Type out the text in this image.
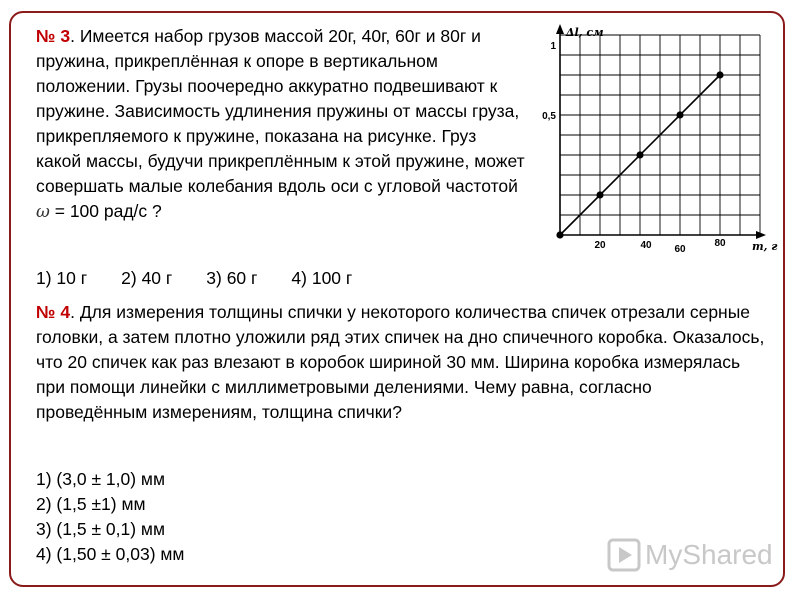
№ 3. Имеется набор грузов массой 20г, 40г, 60г и 80г и пружина, прикреплённая к опоре в вертикальном положении. Грузы поочередно аккуратно подвешивают к пружине. Зависимость удлинения пружины от массы груза, прикрепляемого к пружине, показана на рисунке. Груз какой массы, будучи прикреплённым к этой пружине, может совершать малые колебания вдоль оси с угловой частотой ω = 100 рад/с ?
1) 10 г 2) 40 г 3) 60 г 4) 100 г
20	40 60
80
0,5
1
Δl, см
m, г
№ 4. Для измерения толщины спички у некоторого количества спичек отрезали серные головки, а затем плотно уложили ряд этих спичек на дно спичечного коробка. Оказалось, что 20 спичек как раз влезают в коробок шириной 30 мм. Ширина коробка измерялась при помощи линейки с миллиметровыми делениями. Чему равна, согласно проведённым измерениям, толщина спички?
1) (3,0 ± 1,0) мм
2) (1,5 ±1) мм
3) (1,5 ± 0,1) мм
4) (1,50 ± 0,03) мм	MyShared
